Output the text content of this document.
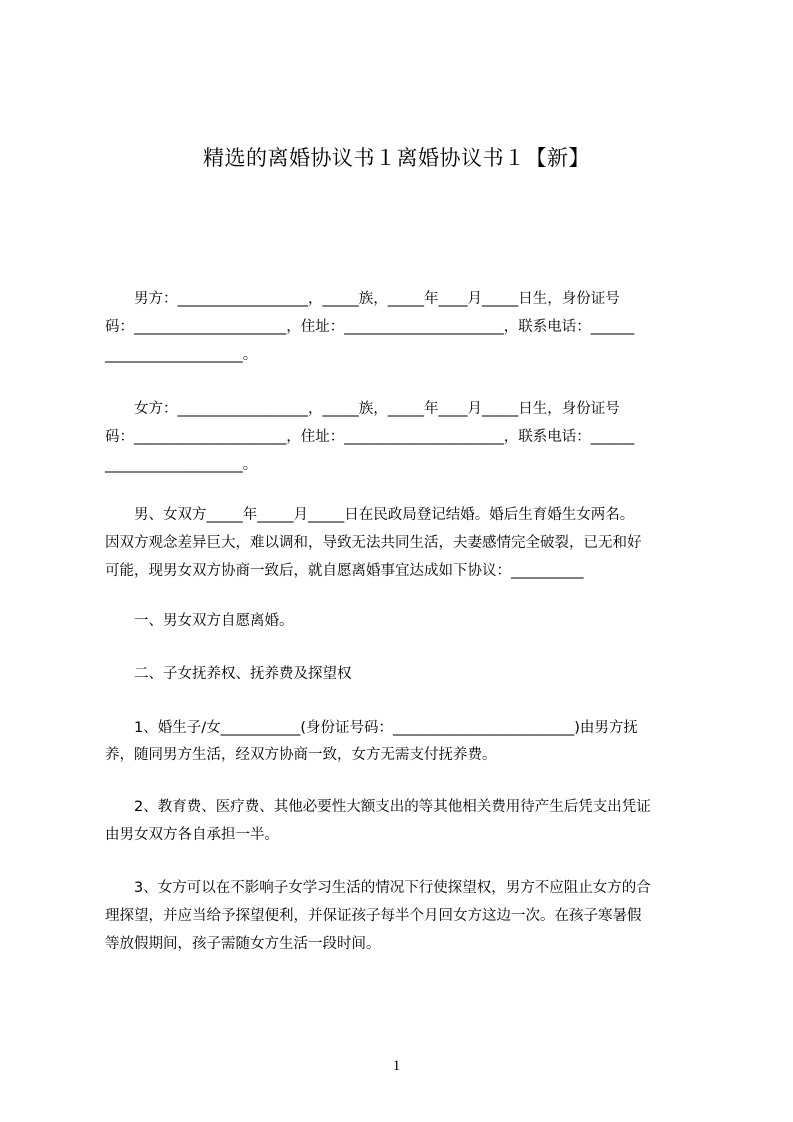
精选的离婚协议书１离婚协议书１【新】
　　男方：__________________，_____族，_____年____月_____日生，身份证号
码：_____________________，住址：______________________，联系电话：______
___________________。
　　女方：__________________，_____族，_____年____月_____日生，身份证号
码：_____________________，住址：______________________，联系电话：______
___________________。
　　男、女双方_____年_____月_____日在民政局登记结婚。婚后生育婚生女两名。
因双方观念差异巨大，难以调和，导致无法共同生活，夫妻感情完全破裂，已无和好
可能，现男女双方协商一致后，就自愿离婚事宜达成如下协议：__________
　　一、男女双方自愿离婚。
　　二、子女抚养权、抚养费及探望权
　　1、婚生子/女___________(身份证号码：_________________________)由男方抚
养，随同男方生活，经双方协商一致，女方无需支付抚养费。
　　2、教育费、医疗费、其他必要性大额支出的等其他相关费用待产生后凭支出凭证
由男女双方各自承担一半。
　　3、女方可以在不影响子女学习生活的情况下行使探望权，男方不应阻止女方的合
理探望，并应当给予探望便利，并保证孩子每半个月回女方这边一次。在孩子寒暑假
等放假期间，孩子需随女方生活一段时间。
1
